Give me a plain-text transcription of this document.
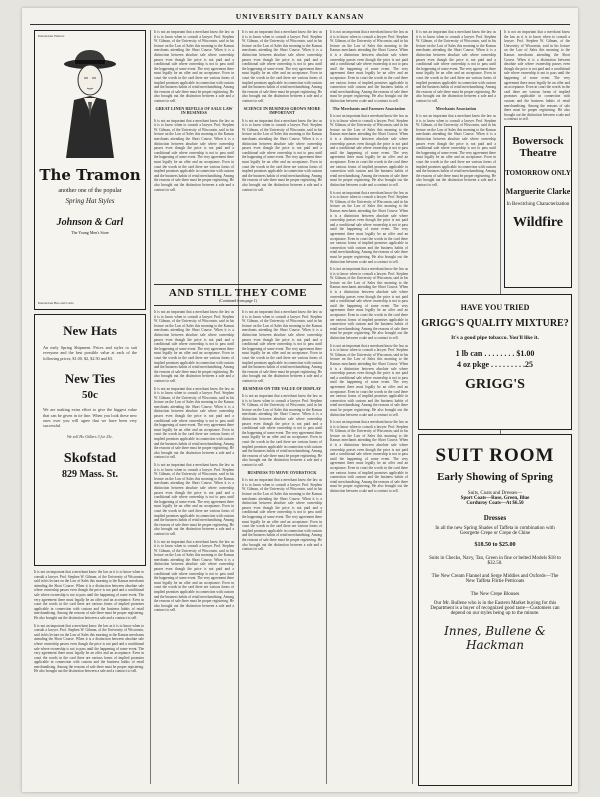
UNIVERSITY DAILY KANSAN
Instenciate Writers
The Tramon
another one of the popular
Spring Hat Styles
Johnson & Carl
The Young Men's Store
Instenciate Bus and Carts
New Hats
An early Spring Shipment. Prices and styles to suit everyone and the best possible value at each of the following prices, $1.00, $2, $2.50 and $3.
New Ties
50c
We are making extra effort to give the biggest value that can be given in tie line. When you look these new ones over you will agree that we have been very successful.
We sell Ho Gillars 3 for 25c.
Skofstad
829 Mass. St.

It is not an important that a merchant know the law as it is to know when to consult a lawyer. Prof. Stephen W. Gilman, of the University of Wisconsin, said in his lecture on the Law of Sales this morning to the Kansas merchants attending the Short Course. When it is a distinction between absolute sale where ownership passes even though the price is not paid and a conditional sale where ownership is not to pass until the happening of some event. The very agreement there must legally be an offer and an acceptance. Even in court the words in the card there are various forms of implied promises applicable in connection with custom and the business habits of retail merchandising. Among the reasons of sale there must be proper registering. He also brought out the distinction between a sale and a contract to sell.

It is not an important that a merchant know the law as it is to know when to consult a lawyer. Prof. Stephen W. Gilman, of the University of Wisconsin, said in his lecture on the Law of Sales this morning to the Kansas merchants attending the Short Course. When it is a distinction between absolute sale where ownership passes even though the price is not paid and a conditional sale where ownership is not to pass until the happening of some event. The very agreement there must legally be an offer and an acceptance. Even in court the words in the card there are various forms of implied promises applicable in connection with custom and the business habits of retail merchandising. Among the reasons of sale there must be proper registering. He also brought out the distinction between a sale and a contract to sell.

It is not an important that a merchant know the law as it is to know when to consult a lawyer. Prof. Stephen W. Gilman, of the University of Wisconsin, said in his lecture on the Law of Sales this morning to the Kansas merchants attending the Short Course. When it is a distinction between absolute sale where ownership passes even though the price is not paid and a conditional sale where ownership is not to pass until the happening of some event. The very agreement there must legally be an offer and an acceptance. Even in court the words in the card there are various forms of implied promises applicable in connection with custom and the business habits of retail merchandising. Among the reasons of sale there must be proper registering. He also brought out the distinction between a sale and a contract to sell.

GREAT LINEN REFILLS OF SALE LAW IN BUSINESS

It is not an important that a merchant know the law as it is to know when to consult a lawyer. Prof. Stephen W. Gilman, of the University of Wisconsin, said in his lecture on the Law of Sales this morning to the Kansas merchants attending the Short Course. When it is a distinction between absolute sale where ownership passes even though the price is not paid and a conditional sale where ownership is not to pass until the happening of some event. The very agreement there must legally be an offer and an acceptance. Even in court the words in the card there are various forms of implied promises applicable in connection with custom and the business habits of retail merchandising. Among the reasons of sale there must be proper registering. He also brought out the distinction between a sale and a contract to sell.

AND STILL THEY COME
(Continued from page 1)

It is not an important that a merchant know the law as it is to know when to consult a lawyer. Prof. Stephen W. Gilman, of the University of Wisconsin, said in his lecture on the Law of Sales this morning to the Kansas merchants attending the Short Course. When it is a distinction between absolute sale where ownership passes even though the price is not paid and a conditional sale where ownership is not to pass until the happening of some event. The very agreement there must legally be an offer and an acceptance. Even in court the words in the card there are various forms of implied promises applicable in connection with custom and the business habits of retail merchandising. Among the reasons of sale there must be proper registering. He also brought out the distinction between a sale and a contract to sell.

It is not an important that a merchant know the law as it is to know when to consult a lawyer. Prof. Stephen W. Gilman, of the University of Wisconsin, said in his lecture on the Law of Sales this morning to the Kansas merchants attending the Short Course. When it is a distinction between absolute sale where ownership passes even though the price is not paid and a conditional sale where ownership is not to pass until the happening of some event. The very agreement there must legally be an offer and an acceptance. Even in court the words in the card there are various forms of implied promises applicable in connection with custom and the business habits of retail merchandising. Among the reasons of sale there must be proper registering. He also brought out the distinction between a sale and a contract to sell.

It is not an important that a merchant know the law as it is to know when to consult a lawyer. Prof. Stephen W. Gilman, of the University of Wisconsin, said in his lecture on the Law of Sales this morning to the Kansas merchants attending the Short Course. When it is a distinction between absolute sale where ownership passes even though the price is not paid and a conditional sale where ownership is not to pass until the happening of some event. The very agreement there must legally be an offer and an acceptance. Even in court the words in the card there are various forms of implied promises applicable in connection with custom and the business habits of retail merchandising. Among the reasons of sale there must be proper registering. He also brought out the distinction between a sale and a contract to sell.

It is not an important that a merchant know the law as it is to know when to consult a lawyer. Prof. Stephen W. Gilman, of the University of Wisconsin, said in his lecture on the Law of Sales this morning to the Kansas merchants attending the Short Course. When it is a distinction between absolute sale where ownership passes even though the price is not paid and a conditional sale where ownership is not to pass until the happening of some event. The very agreement there must legally be an offer and an acceptance. Even in court the words in the card there are various forms of implied promises applicable in connection with custom and the business habits of retail merchandising. Among the reasons of sale there must be proper registering. He also brought out the distinction between a sale and a contract to sell.

It is not an important that a merchant know the law as it is to know when to consult a lawyer. Prof. Stephen W. Gilman, of the University of Wisconsin, said in his lecture on the Law of Sales this morning to the Kansas merchants attending the Short Course. When it is a distinction between absolute sale where ownership passes even though the price is not paid and a conditional sale where ownership is not to pass until the happening of some event. The very agreement there must legally be an offer and an acceptance. Even in court the words in the card there are various forms of implied promises applicable in connection with custom and the business habits of retail merchandising. Among the reasons of sale there must be proper registering. He also brought out the distinction between a sale and a contract to sell.

SCIENCE IN BUSINESS GROWS MORE IMPORTANT

It is not an important that a merchant know the law as it is to know when to consult a lawyer. Prof. Stephen W. Gilman, of the University of Wisconsin, said in his lecture on the Law of Sales this morning to the Kansas merchants attending the Short Course. When it is a distinction between absolute sale where ownership passes even though the price is not paid and a conditional sale where ownership is not to pass until the happening of some event. The very agreement there must legally be an offer and an acceptance. Even in court the words in the card there are various forms of implied promises applicable in connection with custom and the business habits of retail merchandising. Among the reasons of sale there must be proper registering. He also brought out the distinction between a sale and a contract to sell.

It is not an important that a merchant know the law as it is to know when to consult a lawyer. Prof. Stephen W. Gilman, of the University of Wisconsin, said in his lecture on the Law of Sales this morning to the Kansas merchants attending the Short Course. When it is a distinction between absolute sale where ownership passes even though the price is not paid and a conditional sale where ownership is not to pass until the happening of some event. The very agreement there must legally be an offer and an acceptance. Even in court the words in the card there are various forms of implied promises applicable in connection with custom and the business habits of retail merchandising. Among the reasons of sale there must be proper registering. He also brought out the distinction between a sale and a contract to sell.

BUSINESS ON THE VALUE OF DISPLAY

It is not an important that a merchant know the law as it is to know when to consult a lawyer. Prof. Stephen W. Gilman, of the University of Wisconsin, said in his lecture on the Law of Sales this morning to the Kansas merchants attending the Short Course. When it is a distinction between absolute sale where ownership passes even though the price is not paid and a conditional sale where ownership is not to pass until the happening of some event. The very agreement there must legally be an offer and an acceptance. Even in court the words in the card there are various forms of implied promises applicable in connection with custom and the business habits of retail merchandising. Among the reasons of sale there must be proper registering. He also brought out the distinction between a sale and a contract to sell.

BUSINESS TO MOVE OVERSTOCK

It is not an important that a merchant know the law as it is to know when to consult a lawyer. Prof. Stephen W. Gilman, of the University of Wisconsin, said in his lecture on the Law of Sales this morning to the Kansas merchants attending the Short Course. When it is a distinction between absolute sale where ownership passes even though the price is not paid and a conditional sale where ownership is not to pass until the happening of some event. The very agreement there must legally be an offer and an acceptance. Even in court the words in the card there are various forms of implied promises applicable in connection with custom and the business habits of retail merchandising. Among the reasons of sale there must be proper registering. He also brought out the distinction between a sale and a contract to sell.

It is not an important that a merchant know the law as it is to know when to consult a lawyer. Prof. Stephen W. Gilman, of the University of Wisconsin, said in his lecture on the Law of Sales this morning to the Kansas merchants attending the Short Course. When it is a distinction between absolute sale where ownership passes even though the price is not paid and a conditional sale where ownership is not to pass until the happening of some event. The very agreement there must legally be an offer and an acceptance. Even in court the words in the card there are various forms of implied promises applicable in connection with custom and the business habits of retail merchandising. Among the reasons of sale there must be proper registering. He also brought out the distinction between a sale and a contract to sell.

The Merchants and Farmers Association

It is not an important that a merchant know the law as it is to know when to consult a lawyer. Prof. Stephen W. Gilman, of the University of Wisconsin, said in his lecture on the Law of Sales this morning to the Kansas merchants attending the Short Course. When it is a distinction between absolute sale where ownership passes even though the price is not paid and a conditional sale where ownership is not to pass until the happening of some event. The very agreement there must legally be an offer and an acceptance. Even in court the words in the card there are various forms of implied promises applicable in connection with custom and the business habits of retail merchandising. Among the reasons of sale there must be proper registering. He also brought out the distinction between a sale and a contract to sell.

It is not an important that a merchant know the law as it is to know when to consult a lawyer. Prof. Stephen W. Gilman, of the University of Wisconsin, said in his lecture on the Law of Sales this morning to the Kansas merchants attending the Short Course. When it is a distinction between absolute sale where ownership passes even though the price is not paid and a conditional sale where ownership is not to pass until the happening of some event. The very agreement there must legally be an offer and an acceptance. Even in court the words in the card there are various forms of implied promises applicable in connection with custom and the business habits of retail merchandising. Among the reasons of sale there must be proper registering. He also brought out the distinction between a sale and a contract to sell.

It is not an important that a merchant know the law as it is to know when to consult a lawyer. Prof. Stephen W. Gilman, of the University of Wisconsin, said in his lecture on the Law of Sales this morning to the Kansas merchants attending the Short Course. When it is a distinction between absolute sale where ownership passes even though the price is not paid and a conditional sale where ownership is not to pass until the happening of some event. The very agreement there must legally be an offer and an acceptance. Even in court the words in the card there are various forms of implied promises applicable in connection with custom and the business habits of retail merchandising. Among the reasons of sale there must be proper registering. He also brought out the distinction between a sale and a contract to sell.

It is not an important that a merchant know the law as it is to know when to consult a lawyer. Prof. Stephen W. Gilman, of the University of Wisconsin, said in his lecture on the Law of Sales this morning to the Kansas merchants attending the Short Course. When it is a distinction between absolute sale where ownership passes even though the price is not paid and a conditional sale where ownership is not to pass until the happening of some event. The very agreement there must legally be an offer and an acceptance. Even in court the words in the card there are various forms of implied promises applicable in connection with custom and the business habits of retail merchandising. Among the reasons of sale there must be proper registering. He also brought out the distinction between a sale and a contract to sell.

It is not an important that a merchant know the law as it is to know when to consult a lawyer. Prof. Stephen W. Gilman, of the University of Wisconsin, said in his lecture on the Law of Sales this morning to the Kansas merchants attending the Short Course. When it is a distinction between absolute sale where ownership passes even though the price is not paid and a conditional sale where ownership is not to pass until the happening of some event. The very agreement there must legally be an offer and an acceptance. Even in court the words in the card there are various forms of implied promises applicable in connection with custom and the business habits of retail merchandising. Among the reasons of sale there must be proper registering. He also brought out the distinction between a sale and a contract to sell.

It is not an important that a merchant know the law as it is to know when to consult a lawyer. Prof. Stephen W. Gilman, of the University of Wisconsin, said in his lecture on the Law of Sales this morning to the Kansas merchants attending the Short Course. When it is a distinction between absolute sale where ownership passes even though the price is not paid and a conditional sale where ownership is not to pass until the happening of some event. The very agreement there must legally be an offer and an acceptance. Even in court the words in the card there are various forms of implied promises applicable in connection with custom and the business habits of retail merchandising. Among the reasons of sale there must be proper registering. He also brought out the distinction between a sale and a contract to sell.

Merchants Association

It is not an important that a merchant know the law as it is to know when to consult a lawyer. Prof. Stephen W. Gilman, of the University of Wisconsin, said in his lecture on the Law of Sales this morning to the Kansas merchants attending the Short Course. When it is a distinction between absolute sale where ownership passes even though the price is not paid and a conditional sale where ownership is not to pass until the happening of some event. The very agreement there must legally be an offer and an acceptance. Even in court the words in the card there are various forms of implied promises applicable in connection with custom and the business habits of retail merchandising. Among the reasons of sale there must be proper registering. He also brought out the distinction between a sale and a contract to sell.

It is not an important that a merchant know the law as it is to know when to consult a lawyer. Prof. Stephen W. Gilman, of the University of Wisconsin, said in his lecture on the Law of Sales this morning to the Kansas merchants attending the Short Course. When it is a distinction between absolute sale where ownership passes even though the price is not paid and a conditional sale where ownership is not to pass until the happening of some event. The very agreement there must legally be an offer and an acceptance. Even in court the words in the card there are various forms of implied promises applicable in connection with custom and the business habits of retail merchandising. Among the reasons of sale there must be proper registering. He also brought out the distinction between a sale and a contract to sell.

Bowersock
Theatre
TOMORROW ONLY
Marguerite Clarke
In Bewitching Characterization
Wildfire
HAVE YOU TRIED
GRIGG'S QUALITY MIXTURE?
It's a good pipe tobacco. You'll like it.
1 lb can . . . . . . . . $1.00
4 oz pkge . . . . . . . . .25
GRIGG'S
SUIT ROOM
Early Showing of Spring
Suits, Coats and Dresses—
Sport Coats—Rose, Green, Blue
Corduroy Coats—At $6.50
Dresses
In all the new Spring Shades of Taffeta in combination with Georgette Crepe or Crepe de Chine
$18.50 to $25.00
Suits in Checks, Navy, Tan, Green in fine or belted Models $18 to $32.50.
The New Cream Flannel and Serge Middies and Oxfords—The New Taffeta Flirtie Petticoats
The New Crepe Blouses
Our Mr. Bullene who is in the Eastern Market buying for this Department is a buyer of recognized good taste—Customers can depend on our styles being up to the minute.
Innes, Bullene & Hackman
